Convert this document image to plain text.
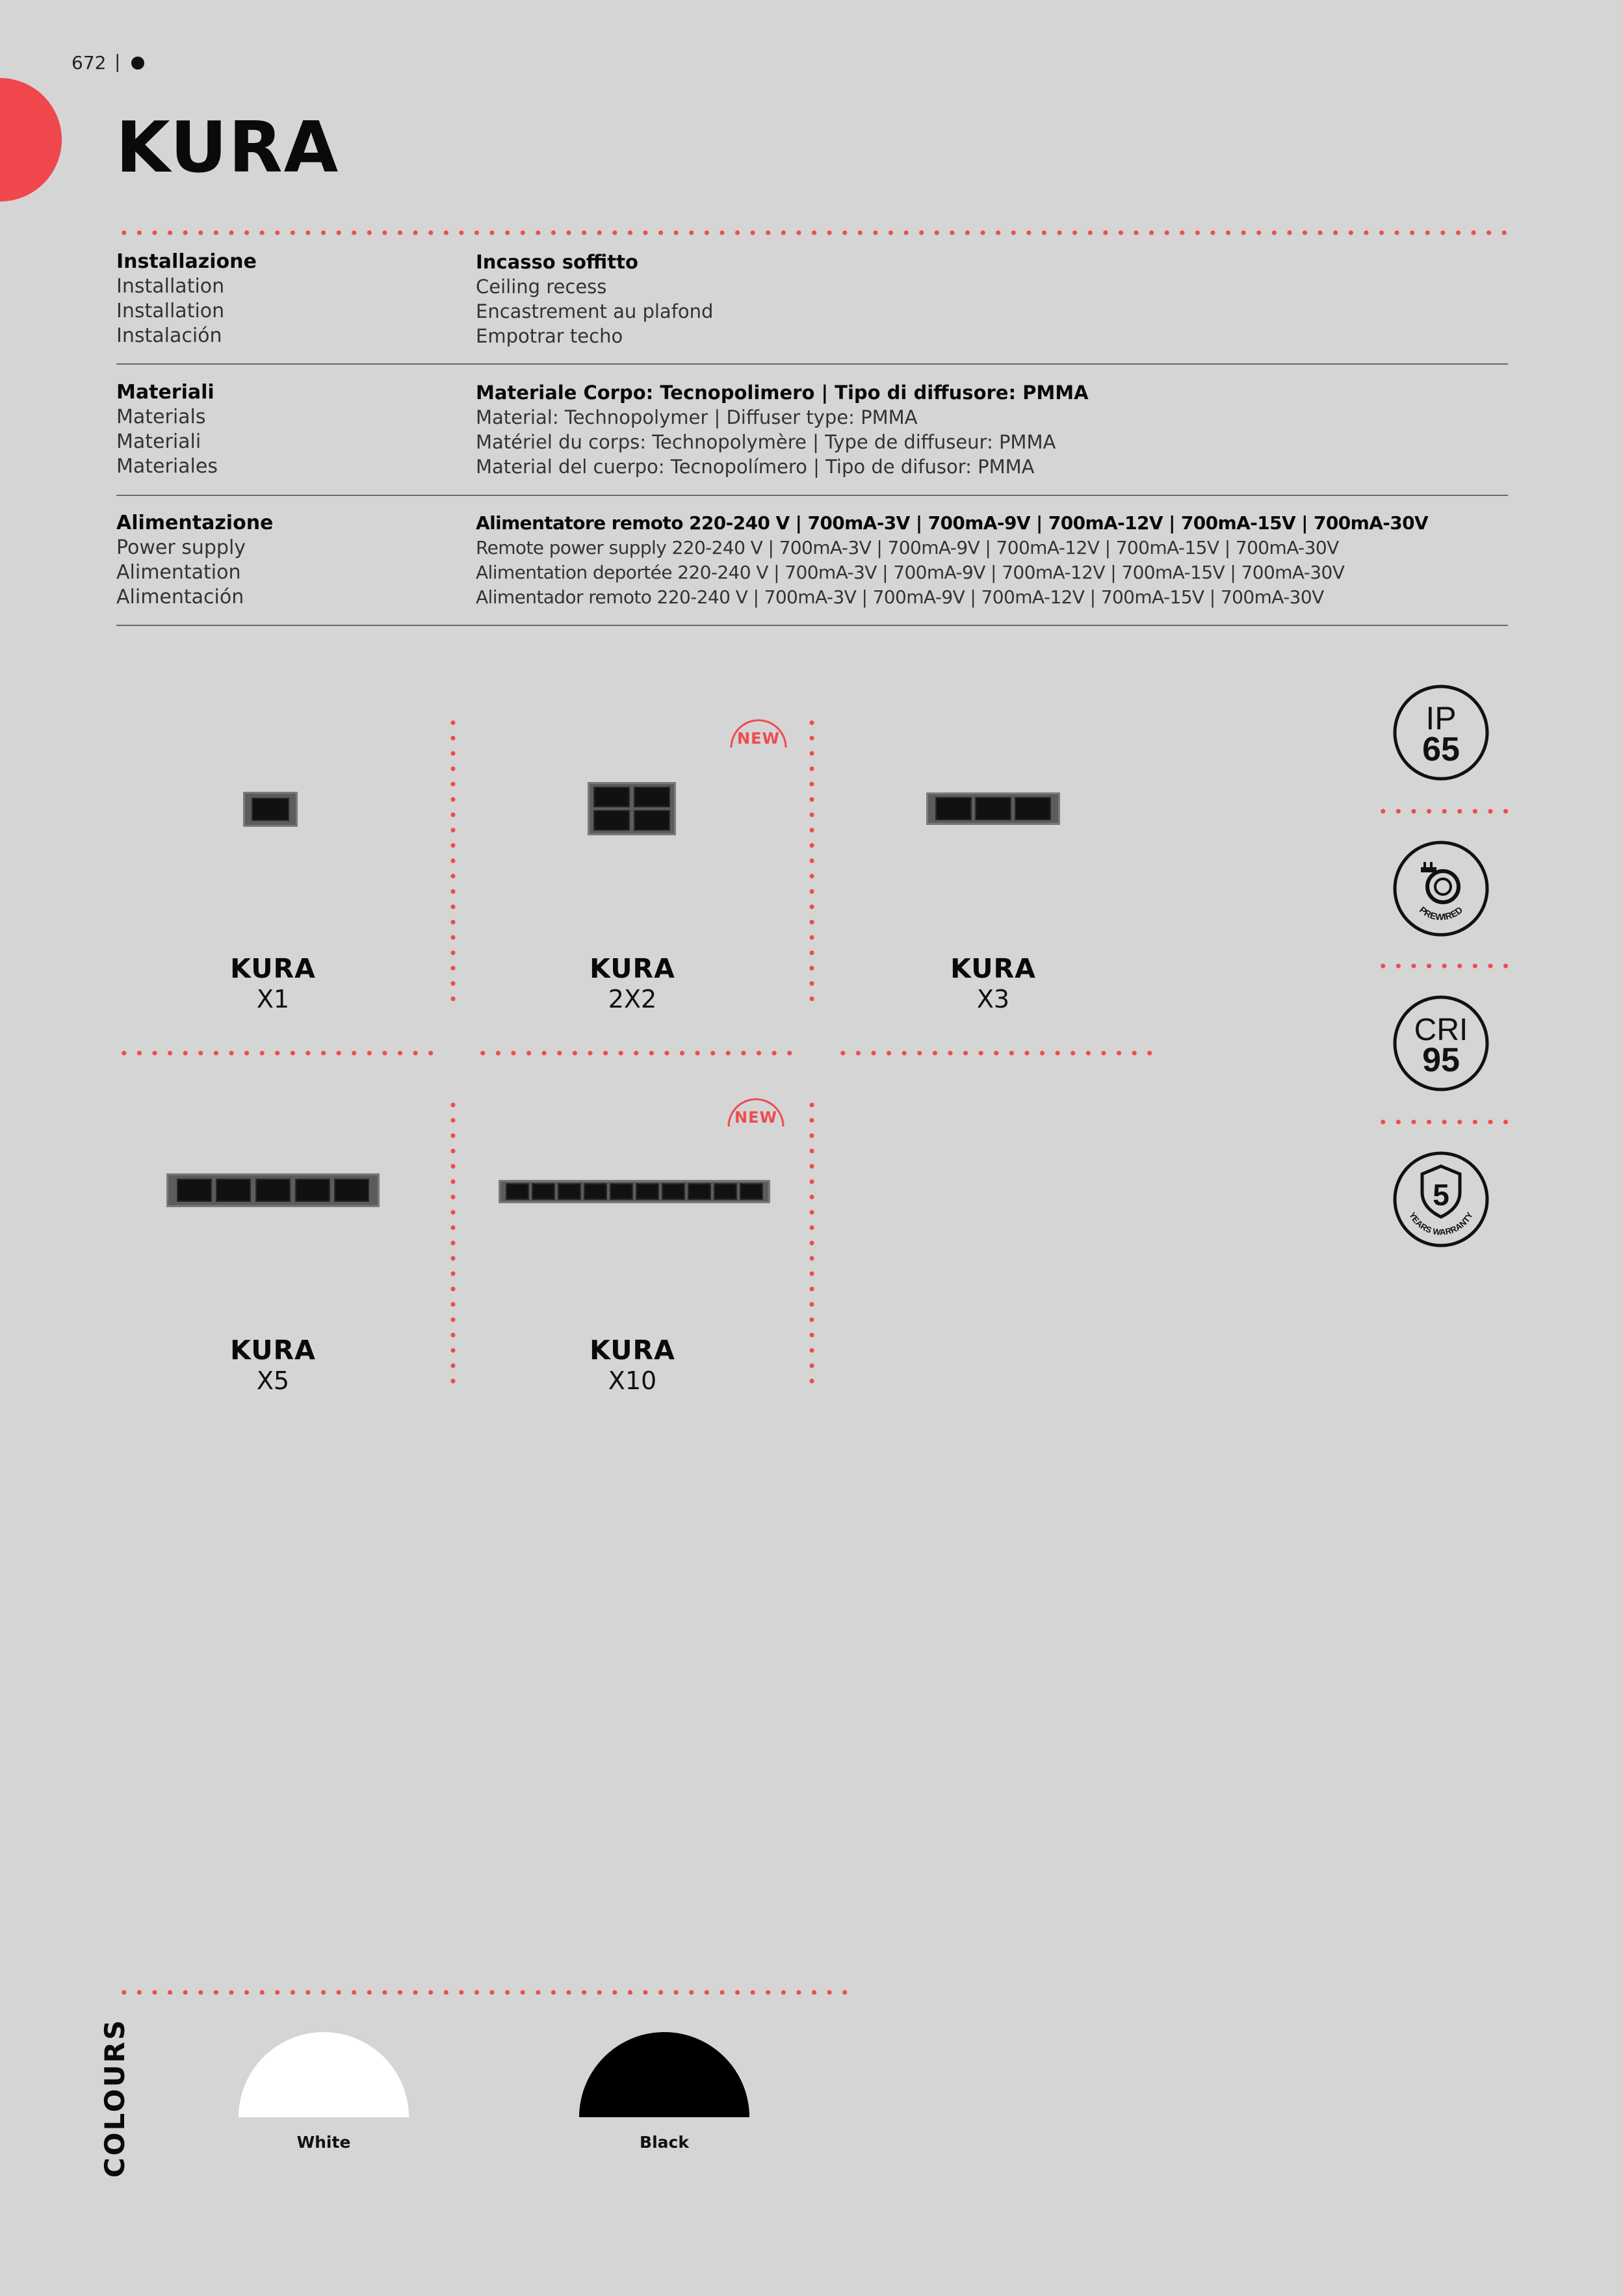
672 |
KURA
Installazione
Installation
Installation
Instalación
Incasso soffitto
Ceiling recess
Encastrement au plafond
Empotrar techo
Materiali
Materials
Materiali
Materiales
Materiale Corpo: Tecnopolimero | Tipo di diffusore: PMMA
Material: Technopolymer | Diffuser type: PMMA
Matériel du corps: Technopolymère | Type de diffuseur: PMMA
Material del cuerpo: Tecnopolímero | Tipo de difusor: PMMA
Alimentazione
Power supply
Alimentation
Alimentación
Alimentatore remoto 220-240 V | 700mA-3V | 700mA-9V | 700mA-12V | 700mA-15V | 700mA-30V
Remote power supply 220-240 V | 700mA-3V | 700mA-9V | 700mA-12V | 700mA-15V | 700mA-30V
Alimentation deportée 220-240 V | 700mA-3V | 700mA-9V | 700mA-12V | 700mA-15V | 700mA-30V
Alimentador remoto 220-240 V | 700mA-3V | 700mA-9V | 700mA-12V | 700mA-15V | 700mA-30V
KURA
X1
NEW
KURA
2X2
KURA
X3
KURA
X5
NEW
KURA
X10
IP
65
PREWIRED
CRI
95
5
YEARS WARRANTY
COLOURS	White	Black
